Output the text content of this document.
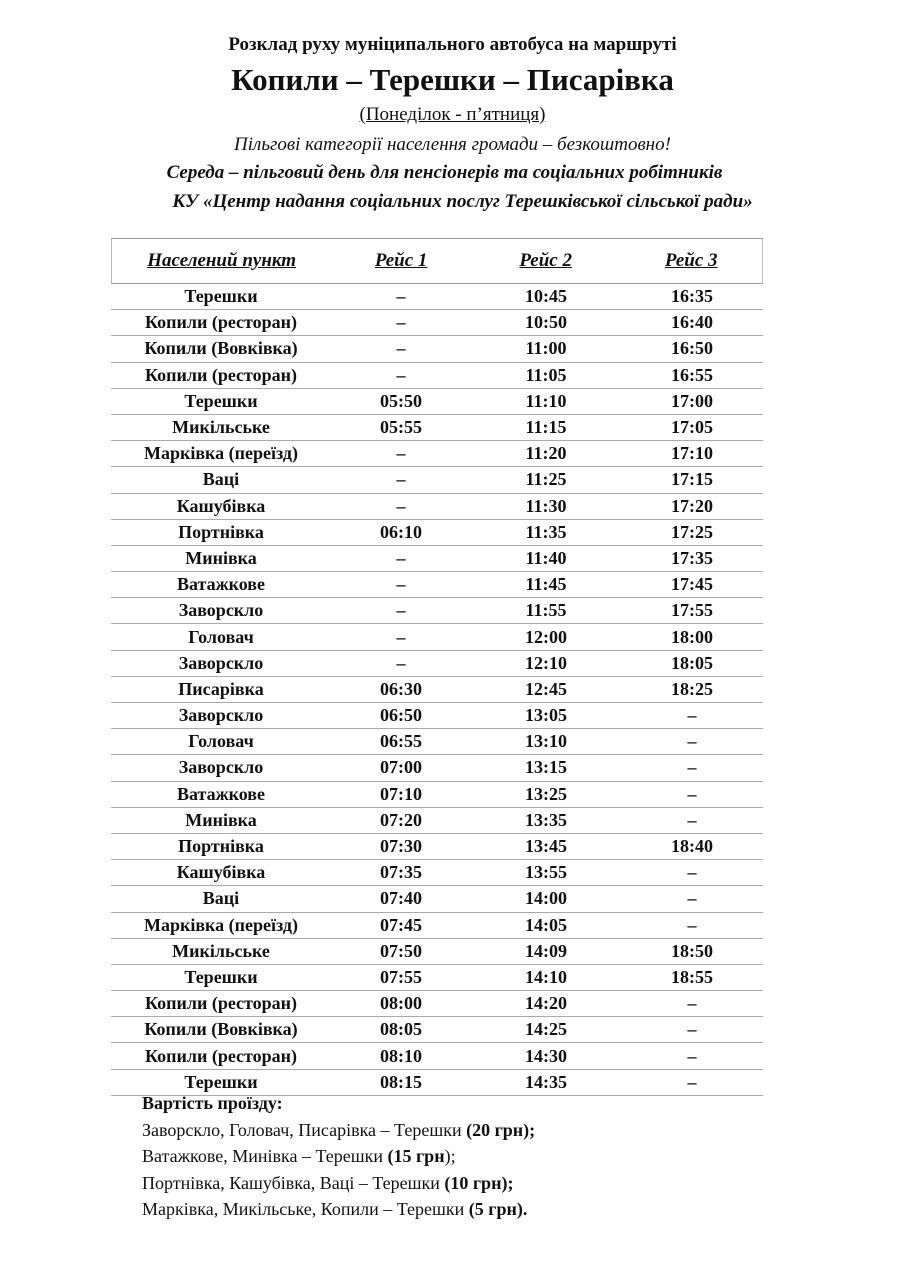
Розклад руху муніципального автобуса на маршруті
Копили – Терешки – Писарівка
(Понеділок - п’ятниця)
Пільгові категорії населення громади – безкоштовно!
Середа – пільговий день для пенсіонерів та соціальних робітників
КУ «Центр надання соціальних послуг Терешківської сільської ради»
Населений пункт	Рейс 1	Рейс 2	Рейс 3
Терешки	–	10:45	16:35
Копили (ресторан)	–	10:50	16:40
Копили (Вовківка)	–	11:00	16:50
Копили (ресторан)	–	11:05	16:55
Терешки	05:50	11:10	17:00
Микільське	05:55	11:15	17:05
Марківка (переїзд)	–	11:20	17:10
Ваці	–	11:25	17:15
Кашубівка	–	11:30	17:20
Портнівка	06:10	11:35	17:25
Минівка	–	11:40	17:35
Ватажкове	–	11:45	17:45
Заворскло	–	11:55	17:55
Головач	–	12:00	18:00
Заворскло	–	12:10	18:05
Писарівка	06:30	12:45	18:25
Заворскло	06:50	13:05	–
Головач	06:55	13:10	–
Заворскло	07:00	13:15	–
Ватажкове	07:10	13:25	–
Минівка	07:20	13:35	–
Портнівка	07:30	13:45	18:40
Кашубівка	07:35	13:55	–
Ваці	07:40	14:00	–
Марківка (переїзд)	07:45	14:05	–
Микільське	07:50	14:09	18:50
Терешки	07:55	14:10	18:55
Копили (ресторан)	08:00	14:20	–
Копили (Вовківка)	08:05	14:25	–
Копили (ресторан)	08:10	14:30	–
Терешки	08:15	14:35	–
Вартість проїзду:
Заворскло, Головач, Писарівка – Терешки (20 грн);
Ватажкове, Минівка – Терешки (15 грн);
Портнівка, Кашубівка, Ваці – Терешки (10 грн);
Марківка, Микільське, Копили – Терешки (5 грн).
